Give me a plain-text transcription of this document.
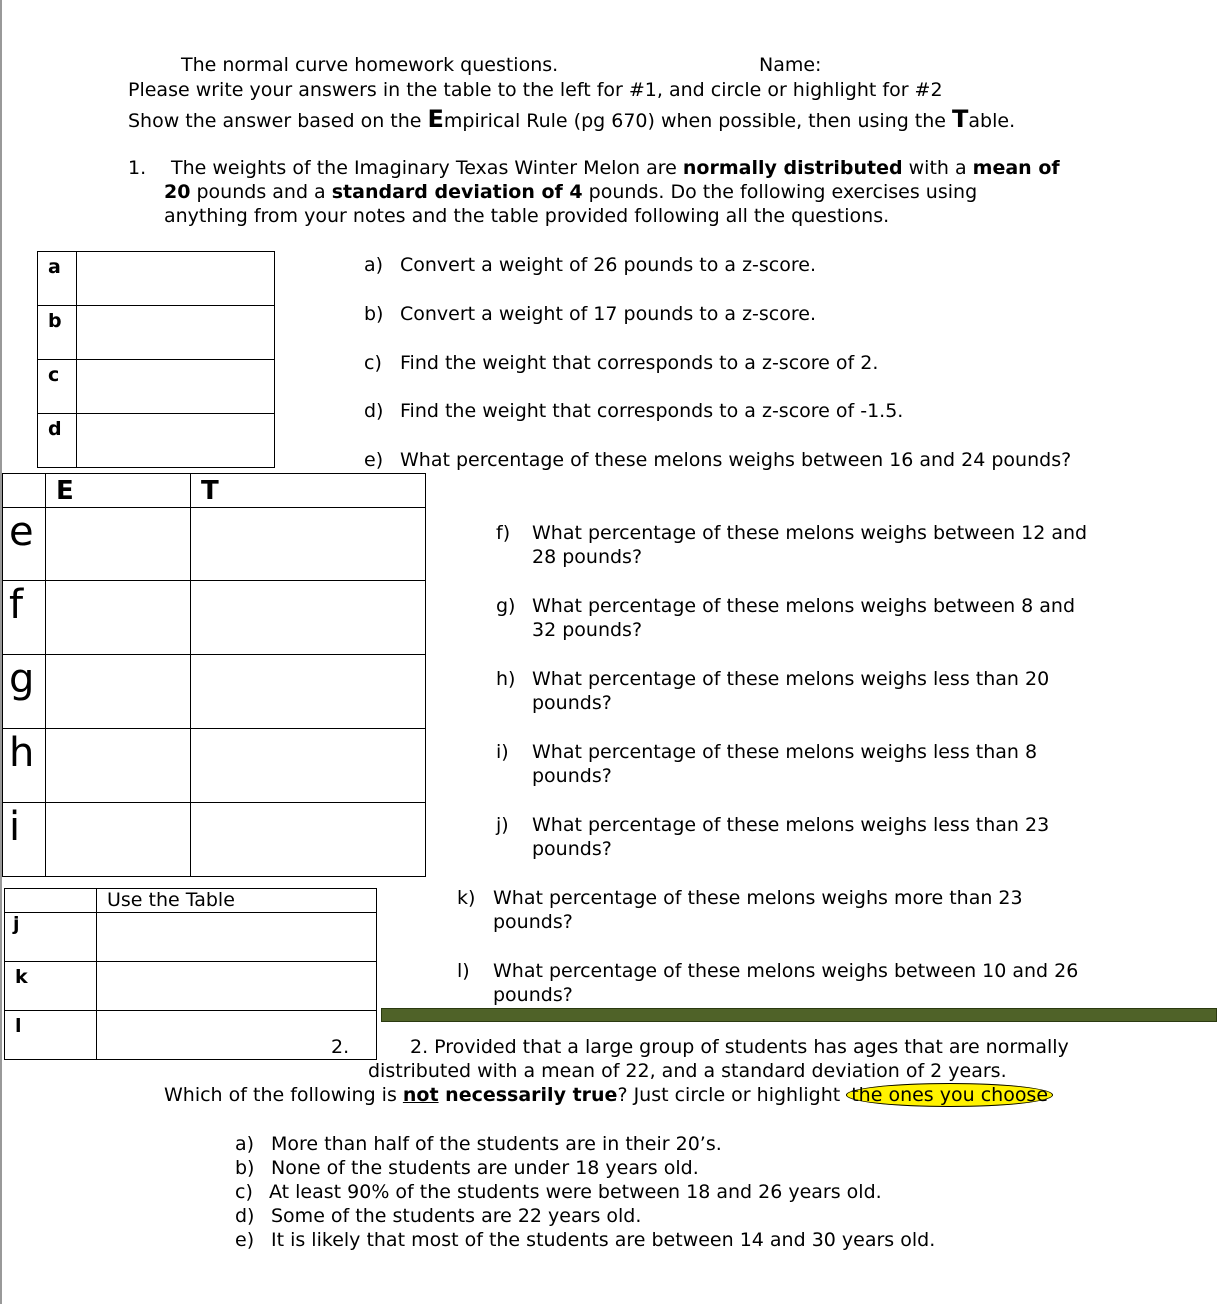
The normal curve homework questions.	Name:
Please write your answers in the table to the left for #1, and circle or highlight for #2
Show the answer based on the Empirical Rule (pg 670) when possible, then using the Table.
1. The weights of the Imaginary Texas Winter Melon are normally distributed with a mean of
20 pounds and a standard deviation of 4 pounds. Do the following exercises using
anything from your notes and the table provided following all the questions.
a	

b	

c	

d	

a) Convert a weight of 26 pounds to a z-score.
b) Convert a weight of 17 pounds to a z-score.
c) Find the weight that corresponds to a z-score of 2.
d) Find the weight that corresponds to a z-score of -1.5.
e) What percentage of these melons weighs between 16 and 24 pounds?
	E	T
e		
f		
g		
h		
i		
f) What percentage of these melons weighs between 12 and
28 pounds?
g) What percentage of these melons weighs between 8 and
32 pounds?
h) What percentage of these melons weighs less than 20
pounds?
i) What percentage of these melons weighs less than 8
pounds?
j) What percentage of these melons weighs less than 23
pounds?
	Use the Table
j	
k	
l	
2.
k) What percentage of these melons weighs more than 23
pounds?
l) What percentage of these melons weighs between 10 and 26
pounds?
2. Provided that a large group of students has ages that are normally
distributed with a mean of 22, and a standard deviation of 2 years.
Which of the following is not necessarily true? Just circle or highlight the ones you choose
a) More than half of the students are in their 20’s.
b) None of the students are under 18 years old.
c) At least 90% of the students were between 18 and 26 years old.
d) Some of the students are 22 years old.
e) It is likely that most of the students are between 14 and 30 years old.
